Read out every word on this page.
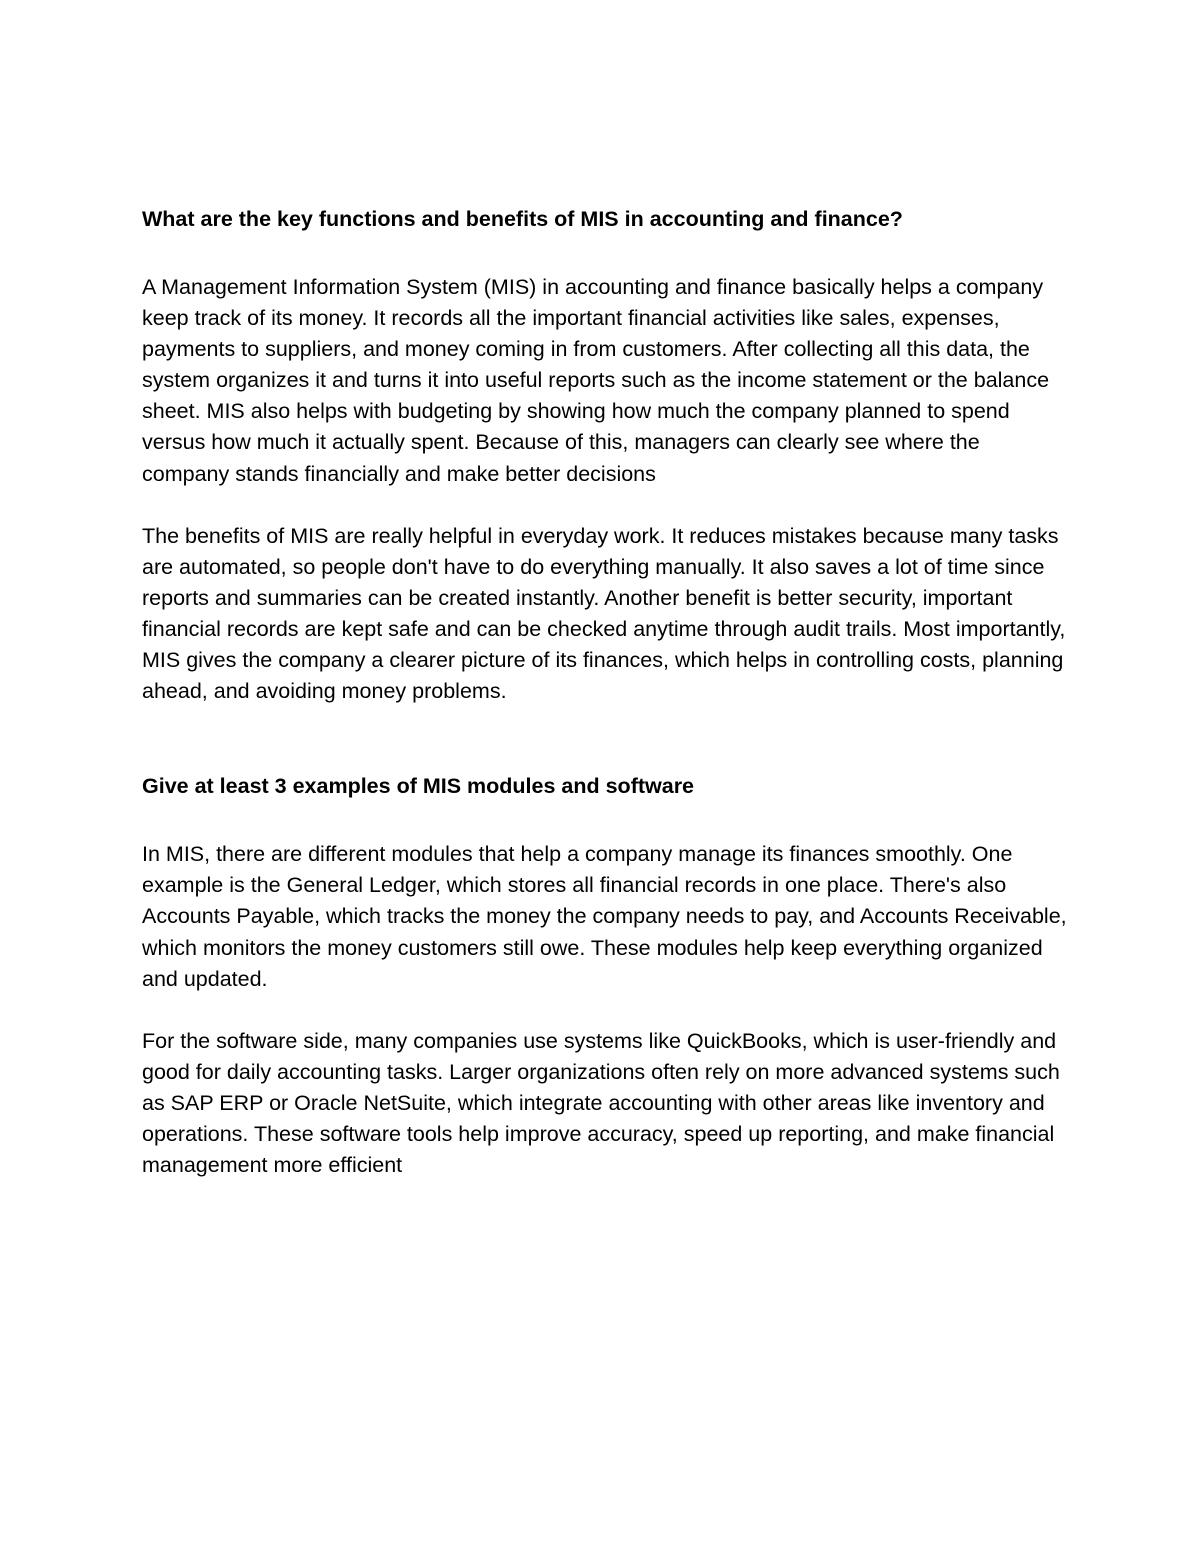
What are the key functions and benefits of MIS in accounting and finance?

A Management Information System (MIS) in accounting and finance basically helps a company keep track of its money. It records all the important financial activities like sales, expenses, payments to suppliers, and money coming in from customers. After collecting all this data, the system organizes it and turns it into useful reports such as the income statement or the balance sheet. MIS also helps with budgeting by showing how much the company planned to spend versus how much it actually spent. Because of this, managers can clearly see where the company stands financially and make better decisions

The benefits of MIS are really helpful in everyday work. It reduces mistakes because many tasks are automated, so people don't have to do everything manually. It also saves a lot of time since reports and summaries can be created instantly. Another benefit is better security, important financial records are kept safe and can be checked anytime through audit trails. Most importantly, MIS gives the company a clearer picture of its finances, which helps in controlling costs, planning ahead, and avoiding money problems.

Give at least 3 examples of MIS modules and software

In MIS, there are different modules that help a company manage its finances smoothly. One example is the General Ledger, which stores all financial records in one place. There's also Accounts Payable, which tracks the money the company needs to pay, and Accounts Receivable, which monitors the money customers still owe. These modules help keep everything organized and updated.

For the software side, many companies use systems like QuickBooks, which is user-friendly and good for daily accounting tasks. Larger organizations often rely on more advanced systems such as SAP ERP or Oracle NetSuite, which integrate accounting with other areas like inventory and operations. These software tools help improve accuracy, speed up reporting, and make financial management more efficient
